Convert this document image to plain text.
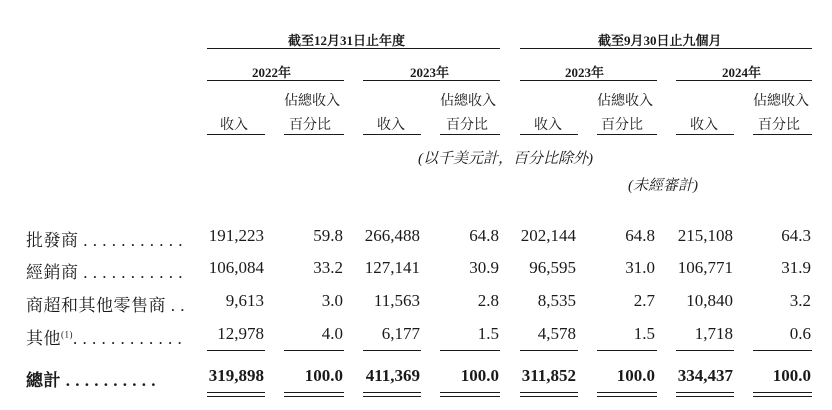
截至12月31日止年度	截至9月30日止九個月
2022年	2023年	2023年	2024年
佔總收入	佔總收入	佔總收入	佔總收入
收入	百分比	收入	百分比	收入	百分比	收入	百分比
(以千美元計，百分比除外)
(未經審計)
批發商 . . . . . . . . . . . 191,223	59.8 266,488	64.8 202,144	64.8 215,108	64.3
經銷商 . . . . . . . . . . . 106,084	33.2 127,141	30.9 96,595	31.0 106,771	31.9
商超和其他零售商 . . 9,613	3.0 11,563	2.8 8,535	2.7 10,840	3.2
其他$^{(1)}$. . . . . . . . . . . . 12,978	4.0 6,177	1.5 4,578	1.5 1,718	0.6
總計 . . . . . . . . . .	319,898 100.0 411,369 100.0 311,852 100.0 334,437 100.0
